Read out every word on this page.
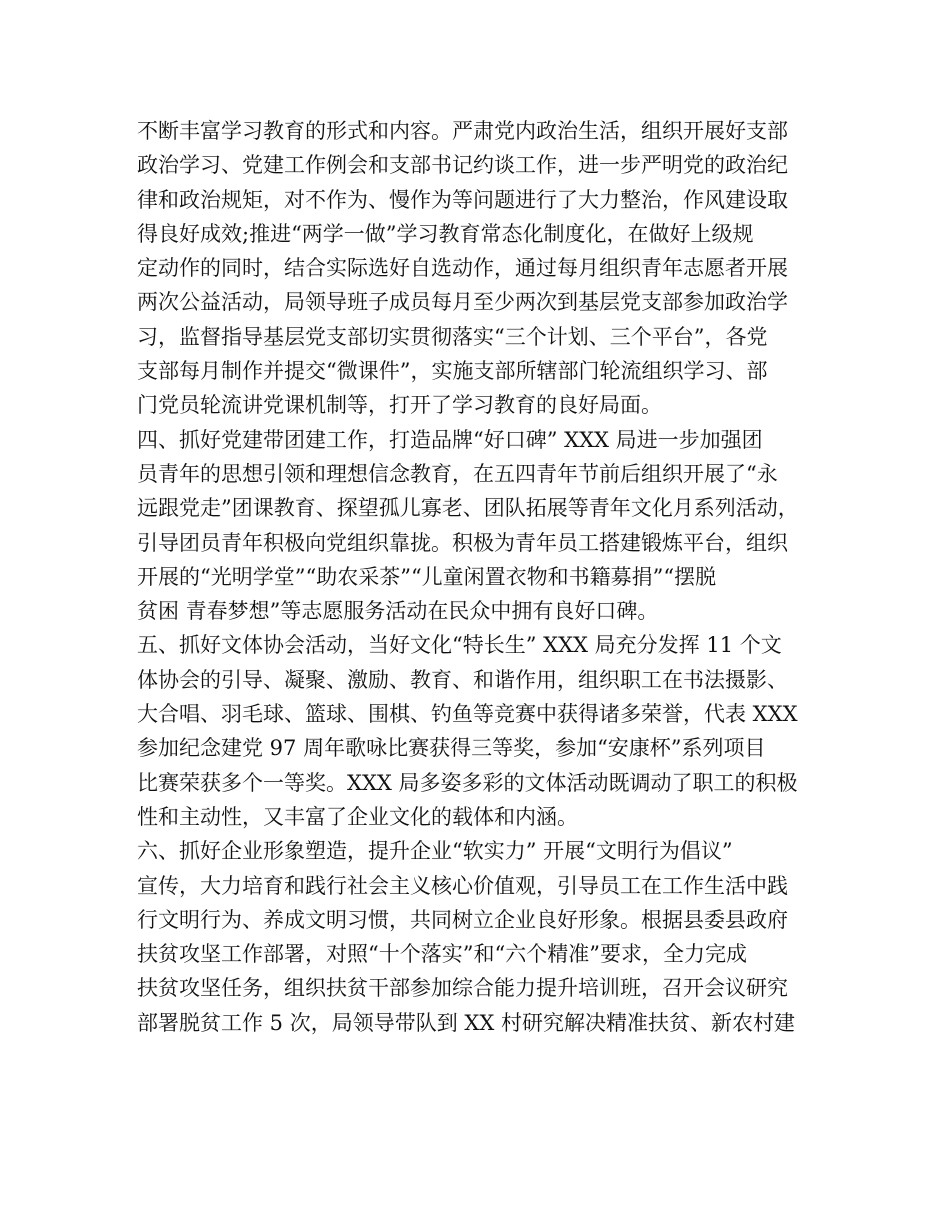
不断丰富学习教育的形式和内容。严肃党内政治生活，组织开展好支部
政治学习、党建工作例会和支部书记约谈工作，进一步严明党的政治纪
律和政治规矩，对不作为、慢作为等问题进行了大力整治，作风建设取
得良好成效;推进“两学一做”学习教育常态化制度化，在做好上级规
定动作的同时，结合实际选好自选动作，通过每月组织青年志愿者开展
两次公益活动，局领导班子成员每月至少两次到基层党支部参加政治学
习，监督指导基层党支部切实贯彻落实“三个计划、三个平台”，各党
支部每月制作并提交“微课件”，实施支部所辖部门轮流组织学习、部
门党员轮流讲党课机制等，打开了学习教育的良好局面。
四、抓好党建带团建工作，打造品牌“好口碑” XXX 局进一步加强团
员青年的思想引领和理想信念教育，在五四青年节前后组织开展了“永
远跟党走”团课教育、探望孤儿寡老、团队拓展等青年文化月系列活动，
引导团员青年积极向党组织靠拢。积极为青年员工搭建锻炼平台，组织
开展的“光明学堂”“助农采茶”“儿童闲置衣物和书籍募捐”“摆脱
贫困 青春梦想”等志愿服务活动在民众中拥有良好口碑。
五、抓好文体协会活动，当好文化“特长生” XXX 局充分发挥 11 个文
体协会的引导、凝聚、激励、教育、和谐作用，组织职工在书法摄影、
大合唱、羽毛球、篮球、围棋、钓鱼等竞赛中获得诸多荣誉，代表 XXX
参加纪念建党 97 周年歌咏比赛获得三等奖，参加“安康杯”系列项目
比赛荣获多个一等奖。XXX 局多姿多彩的文体活动既调动了职工的积极
性和主动性，又丰富了企业文化的载体和内涵。
六、抓好企业形象塑造，提升企业“软实力” 开展“文明行为倡议”
宣传，大力培育和践行社会主义核心价值观，引导员工在工作生活中践
行文明行为、养成文明习惯，共同树立企业良好形象。根据县委县政府
扶贫攻坚工作部署，对照“十个落实”和“六个精准”要求，全力完成
扶贫攻坚任务，组织扶贫干部参加综合能力提升培训班，召开会议研究
部署脱贫工作 5 次，局领导带队到 XX 村研究解决精准扶贫、新农村建
